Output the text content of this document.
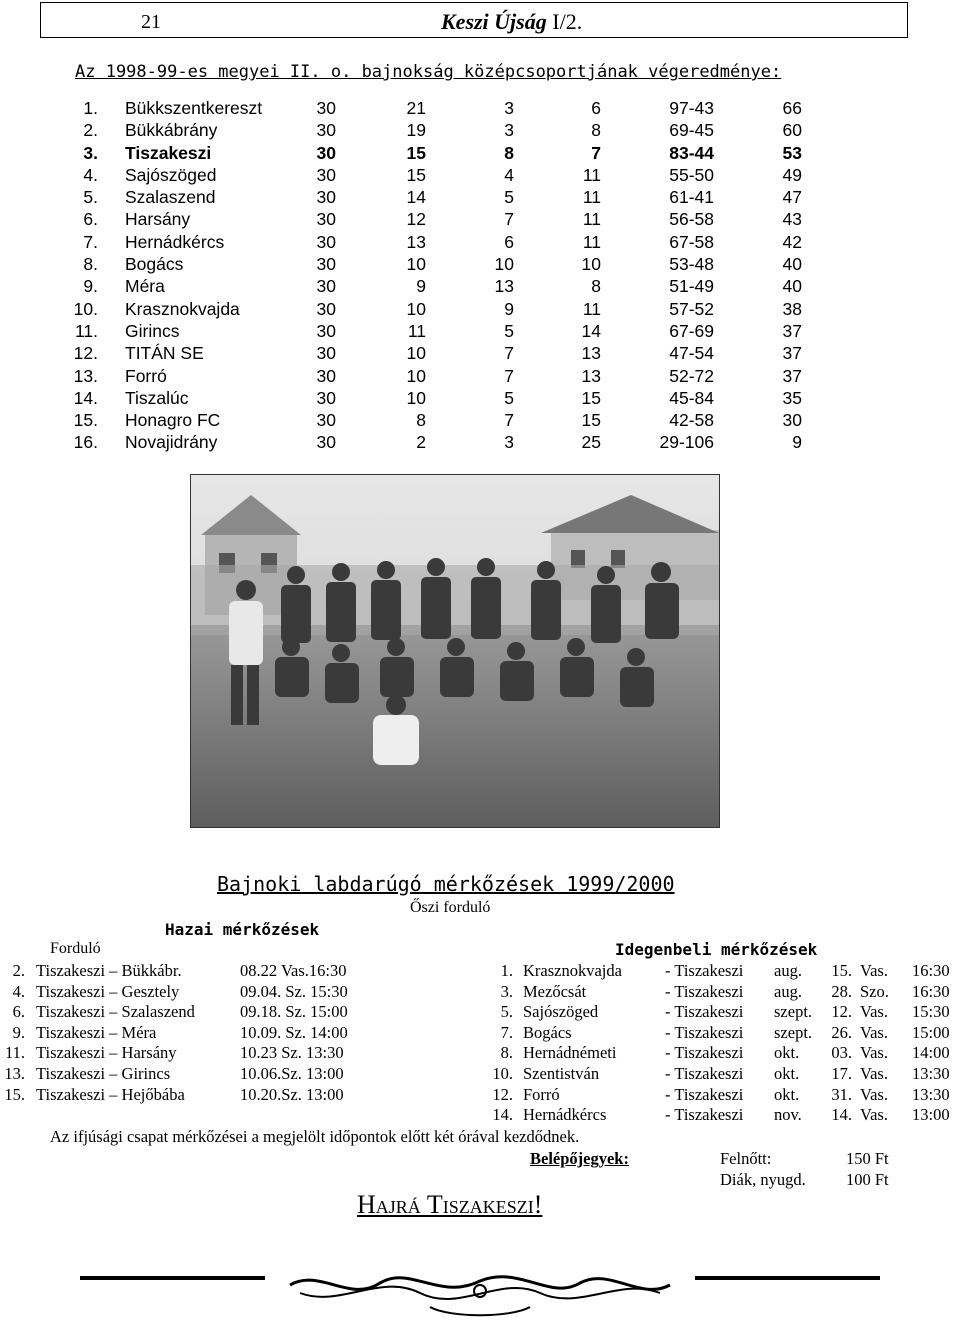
21	Keszi Újság I/2.
Az 1998-99-es megyei II. o. bajnokság középcsoportjának végeredménye:
1. Bükkszentkereszt	30	21	3	6	97-43	66
2. Bükkábrány	30	19	3	8	69-45	60
3. Tiszakeszi	30	15	8	7	83-44	53
4. Sajószöged	30	15	4	11	55-50	49
5. Szalaszend	30	14	5	11	61-41	47
6. Harsány	30	12	7	11	56-58	43
7. Hernádkércs	30	13	6	11	67-58	42
8. Bogács	30	10	10	10	53-48	40
9. Méra	30	9	13	8	51-49	40
10. Krasznokvajda	30	10	9	11	57-52	38
11. Girincs	30	11	5	14	67-69	37
12. TITÁN SE	30	10	7	13	47-54	37
13. Forró	30	10	7	13	52-72	37
14. Tiszalúc	30	10	5	15	45-84	35
15. Honagro FC	30	8	7	15	42-58	30
16. Novajidrány	30	2	3	25	29-106	9
Bajnoki labdarúgó mérkőzések 1999/2000
Őszi forduló
Hazai mérkőzések
Forduló	Idegenbeli mérkőzések
2. Tiszakeszi – Bükkábr.	08.22 Vas.16:30
4. Tiszakeszi – Gesztely	09.04. Sz. 15:30
6. Tiszakeszi – Szalaszend	09.18. Sz. 15:00
9. Tiszakeszi – Méra	10.09. Sz. 14:00
11. Tiszakeszi – Harsány	10.23 Sz. 13:30
13. Tiszakeszi – Girincs	10.06.Sz. 13:00
15. Tiszakeszi – Hejőbába	10.20.Sz. 13:00
1. Krasznokvajda	- Tiszakeszi aug. 15. Vas. 16:30
3. Mezőcsát	- Tiszakeszi aug. 28. Szo. 16:30
5. Sajószöged	- Tiszakeszi szept. 12. Vas. 15:30
7. Bogács	- Tiszakeszi szept. 26. Vas. 15:00
8. Hernádnémeti	- Tiszakeszi okt. 03. Vas. 14:00
10. Szentistván	- Tiszakeszi okt. 17. Vas. 13:30
12. Forró	- Tiszakeszi okt. 31. Vas. 13:30
14. Hernádkércs	- Tiszakeszi nov. 14. Vas. 13:00
Az ifjúsági csapat mérkőzései a megjelölt időpontok előtt két órával kezdődnek.
Belépőjegyek:	Felnőtt:	150 Ft
Diák, nyugd. 100 Ft
Hajrá Tiszakeszi!
